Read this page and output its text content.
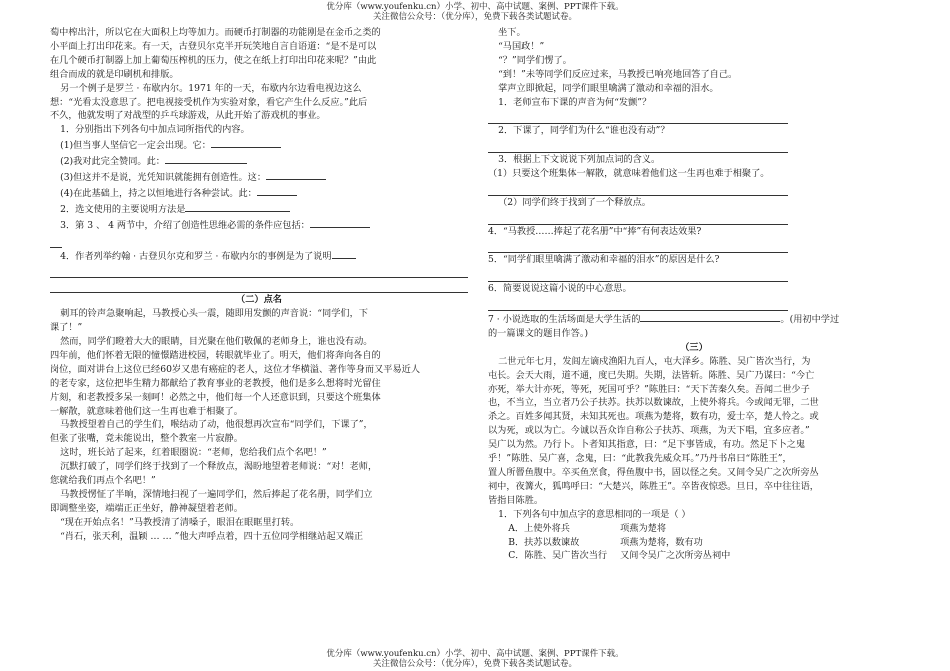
优分库（www.youfenku.cn）小学、初中、高中试题、案例、PPT课件下载。
关注微信公众号：（优分库），免费下载各类试题试卷。

萄中榨出汁，所以它在大面积上均等加力。而硬币打制器的功能刚是在金币之类的

小平面上打出印花来。有一天，古登贝尔克半开玩笑地自言自语道：“是不是可以

在几个硬币打制器上加上葡萄压榨机的压力，使之在纸上打印出印花来呢？”由此

组合而成的就是印刷机和排版。

另一个例子是罗兰 · 布歇内尔。1971 年的一天，布歇内尔边看电视边这么

想：“光看太没意思了。把电视接受机作为实验对象，看它产生什么反应。”此后

不久，他就发明了对战型的乒乓球游戏，从此开始了游戏机的事业。

1．分别指出下列各句中加点词所指代的内容。

(1)但当事人坚信它一定会出现。它：

(2)我对此完全赞同。此：

(3)但这并不是说，光凭知识就能拥有创造性。这：

(4)在此基础上，持之以恒地进行各种尝试。此：

2．选文使用的主要说明方法是

3．第 3 、 4 两节中，介绍了创造性思维必需的条件应包括：

4．作者列举约翰 · 古登贝尔克和罗兰 · 布歇内尔的事例是为了说明

（二）点名

刺耳的铃声急聚响起，马教授心头一震，随即用发颤的声音说：“同学们，下

课了！”

然而，同学们瞪着大大的眼睛，目光聚在他们敬佩的老师身上，谁也没有动。

四年前，他们怀着无限的憧憬踏进校园，转眼就毕业了。明天，他们将奔向各自的

岗位，面对讲台上这位已经60岁又患有癌症的老人，这位才华横溢、著作等身而又平易近人

的老专家，这位把毕生精力都献给了教育事业的老教授，他们是多么想将时光留住

片刻，和老教授多呆一刻呵！必然之中，他们每一个人还意识到，只要这个班集体

一解散，就意味着他们这一生再也难于相聚了。

马教授望着自己的学生们，喉结动了动，他很想再次宣布“同学们，下课了”，

但张了张嘴，竟未能说出，整个教室一片寂静。

这时，班长站了起来，红着眼圈说：“老师，您给我们点个名吧！”

沉默打破了，同学们终于找到了一个释放点，渴盼地望着老师说：“对！老师，

您就给我们再点个名吧！”

马教授愣怔了半晌，深情地扫视了一遍同学们，然后捧起了花名册，同学们立

即调整坐姿，端端正正坐好，静神凝望着老师。

“现在开始点名！”马教授清了清嗓子，眼泪在眼眶里打转。

“肖石，张天利，温颖 … … ”他大声呼点着，四十五位同学相继站起又端正

坐下。

“马国政！”

“？”同学们愣了。

“到！”未等同学们反应过来，马教授已响亮地回答了自己。

掌声立即掀起，同学们眼里噙满了激动和幸福的泪水。

1．老师宣布下课的声音为何“发颤”？

2．下课了，同学们为什么“谁也没有动”？

3．根据上下文说说下列加点词的含义。

（1）只要这个班集体一解散，就意味着他们这一生再也难于相聚了。

（2）同学们终于找到了一个释放点。

4．“马教授……捧起了花名册”中“捧”有何表达效果?

5．“同学们眼里噙满了激动和幸福的泪水”的原因是什么?

6．简要说说这篇小说的中心意思。

7 · 小说选取的生活场面是大学生活的	。(用初中学过

的一篇课文的题目作答。)

（三）

二世元年七月，发闾左谪戍渔阳九百人，屯大泽乡。陈胜、吴广皆次当行，为

屯长。会天大雨，道不通，度已失期。失期，法皆斩。陈胜、吴广乃谋曰：“今亡

亦死，举大计亦死，等死，死国可乎？”陈胜曰：“天下苦秦久矣。吾闻二世少子

也，不当立，当立者乃公子扶苏。扶苏以数谏故，上使外将兵。今或闻无罪，二世

杀之。百姓多闻其贤，未知其死也。项燕为楚将，数有功，爱士卒，楚人怜之。或

以为死，或以为亡。今诚以吾众诈自称公子扶苏、项燕，为天下唱，宜多应者。”

吴广以为然。乃行卜。卜者知其指意，曰：“足下事皆成，有功。然足下卜之鬼

乎！”陈胜、吴广喜，念鬼，曰：“此教我先威众耳。”乃丹书帛曰“陈胜王”，

置人所罾鱼腹中。卒买鱼烹食，得鱼腹中书，固以怪之矣。又间令吴广之次所旁丛

祠中，夜篝火，狐鸣呼曰：“大楚兴，陈胜王”。卒皆夜惊恐。旦日，卒中往往语，

皆指目陈胜。

1．下列各句中加点字的意思相同的一项是（ ）

A．上使外将兵	项燕为楚将

B．扶苏以数谏故	项燕为楚将，数有功

C．陈胜、吴广皆次当行 又间令吴广之次所旁丛祠中

优分库（www.youfenku.cn）小学、初中、高中试题、案例、PPT课件下载。
关注微信公众号：（优分库），免费下载各类试题试卷。
